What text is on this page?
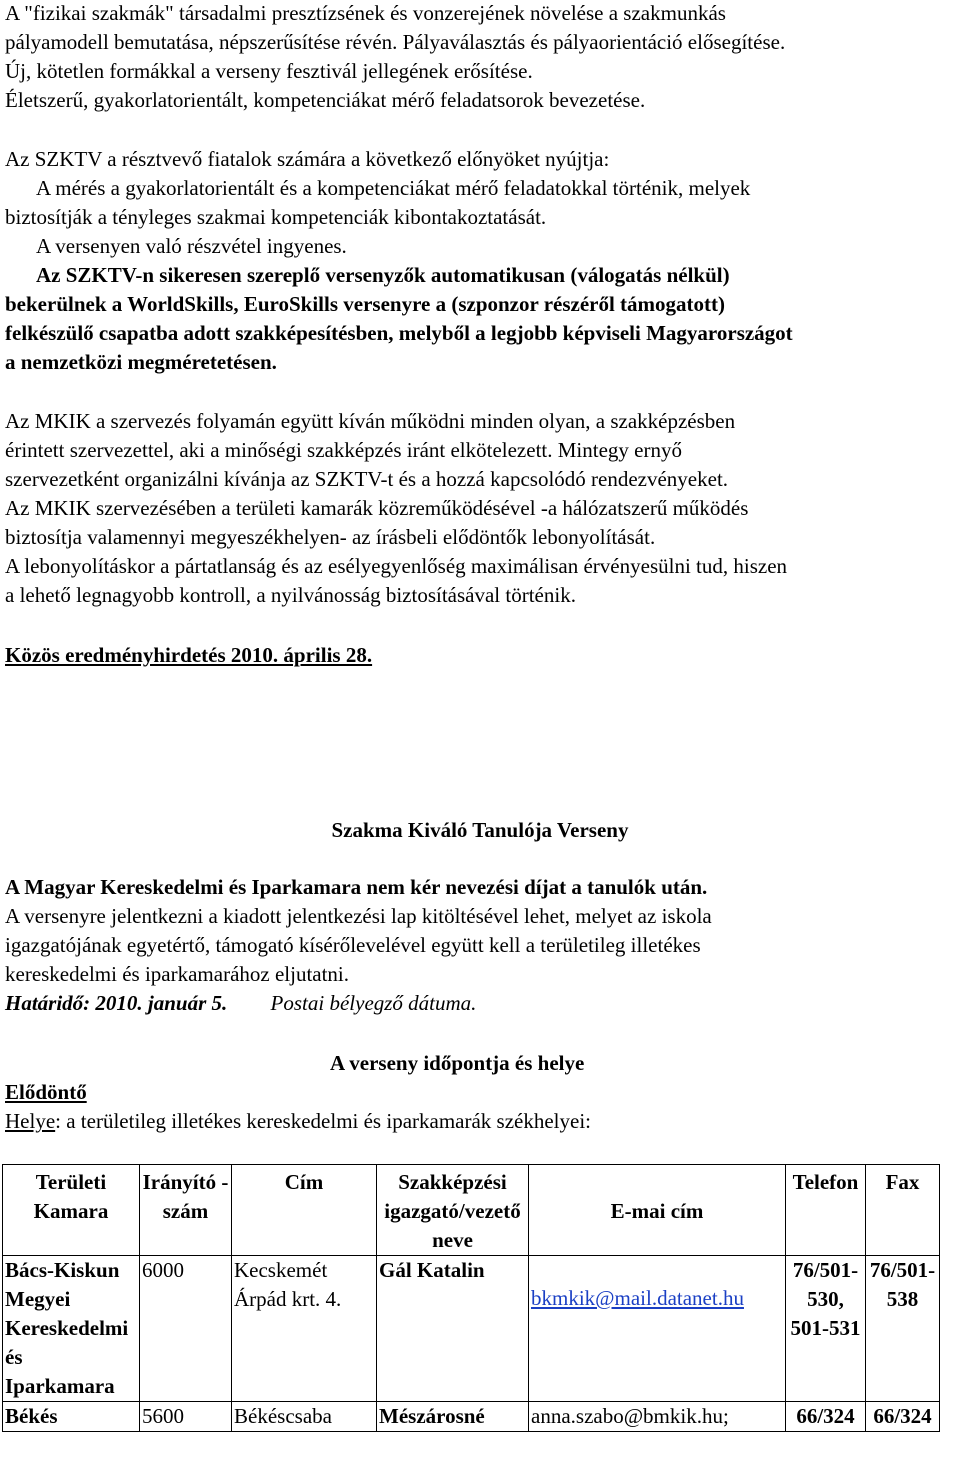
A "fizikai szakmák" társadalmi presztízsének és vonzerejének növelése a szakmunkás
pályamodell bemutatása, népszerűsítése révén. Pályaválasztás és pályaorientáció elősegítése.
Új, kötetlen formákkal a verseny fesztivál jellegének erősítése.
Életszerű, gyakorlatorientált, kompetenciákat mérő feladatsorok bevezetése.
Az SZKTV a résztvevő fiatalok számára a következő előnyöket nyújtja:
A mérés a gyakorlatorientált és a kompetenciákat mérő feladatokkal történik, melyek
biztosítják a tényleges szakmai kompetenciák kibontakoztatását.
A versenyen való részvétel ingyenes.
Az SZKTV-n sikeresen szereplő versenyzők automatikusan (válogatás nélkül)
bekerülnek a WorldSkills, EuroSkills versenyre a (szponzor részéről támogatott)
felkészülő csapatba adott szakképesítésben, melyből a legjobb képviseli Magyarországot
a nemzetközi megméretetésen.
Az MKIK a szervezés folyamán együtt kíván működni minden olyan, a szakképzésben
érintett szervezettel, aki a minőségi szakképzés iránt elkötelezett. Mintegy ernyő
szervezetként organizálni kívánja az SZKTV-t és a hozzá kapcsolódó rendezvényeket.
Az MKIK szervezésében a területi kamarák közreműködésével -a hálózatszerű működés
biztosítja valamennyi megyeszékhelyen- az írásbeli elődöntők lebonyolítását.
A lebonyolításkor a pártatlanság és az esélyegyenlőség maximálisan érvényesülni tud, hiszen
a lehető legnagyobb kontroll, a nyilvánosság biztosításával történik.
Közös eredményhirdetés 2010. április 28.
Szakma Kiváló Tanulója Verseny
A Magyar Kereskedelmi és Iparkamara nem kér nevezési díjat a tanulók után.
A versenyre jelentkezni a kiadott jelentkezési lap kitöltésével lehet, melyet az iskola
igazgatójának egyetértő, támogató kísérőlevelével együtt kell a területileg illetékes
kereskedelmi és iparkamarához eljutatni.
Határidő: 2010. január 5. Postai bélyegző dátuma.
A verseny időpontja és helye
Elődöntő
Helye: a területileg illetékes kereskedelmi és iparkamarák székhelyei:
Területi Kamara	Irányító -szám	Cím	Szakképzési igazgató/vezető neve	E-mai cím	Telefon	Fax
Bács-Kiskun Megyei Kereskedelmi és Iparkamara	6000	Kecskemét Árpád krt. 4.	Gál Katalin	bkmkik@mail.datanet.hu	76/501-530, 501-531	76/501-538
Békés	5600	Békéscsaba	Mészárosné	anna.szabo@bmkik.hu;	66/324	66/324
